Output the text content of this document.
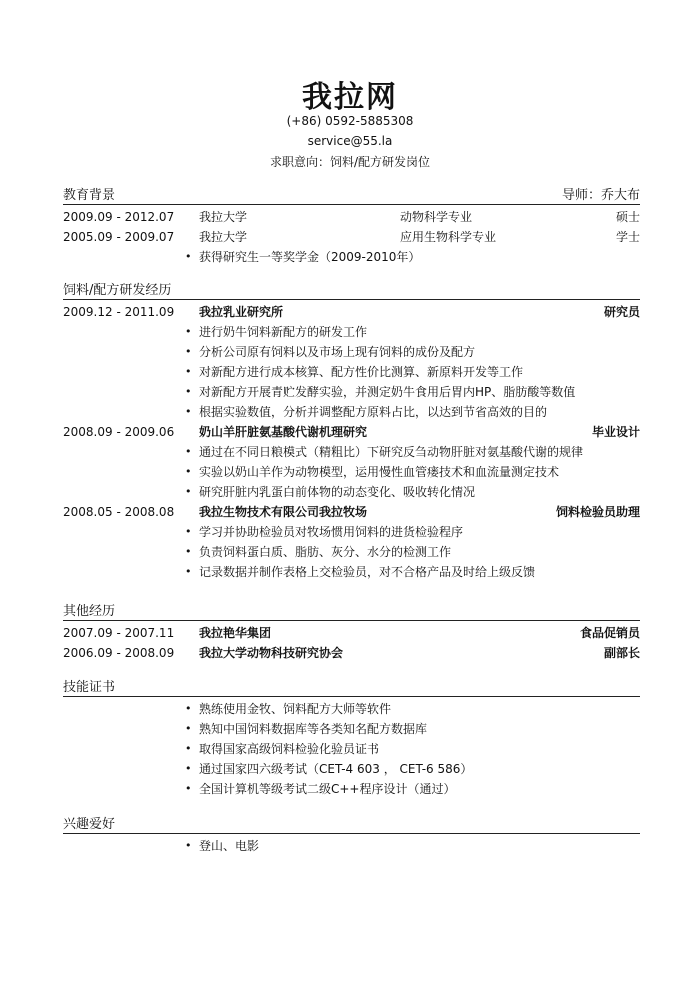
我拉网
(+86) 0592-5885308
service@55.la
求职意向：饲料/配方研发岗位
教育背景	导师：乔大布
2009.09 - 2012.07 我拉大学	动物科学专业	硕士
2005.09 - 2009.07 我拉大学	应用生物科学专业	学士
• 获得研究生一等奖学金（2009-2010年）
饲料/配方研发经历
2009.12 - 2011.09 我拉乳业研究所	研究员
• 进行奶牛饲料新配方的研发工作
• 分析公司原有饲料以及市场上现有饲料的成份及配方
• 对新配方进行成本核算、配方性价比测算、新原料开发等工作
• 对新配方开展青贮发酵实验，并测定奶牛食用后胃内HP、脂肪酸等数值
• 根据实验数值，分析并调整配方原料占比，以达到节省高效的目的
2008.09 - 2009.06 奶山羊肝脏氨基酸代谢机理研究	毕业设计
• 通过在不同日粮模式（精粗比）下研究反刍动物肝脏对氨基酸代谢的规律
• 实验以奶山羊作为动物模型，运用慢性血管瘘技术和血流量测定技术
• 研究肝脏内乳蛋白前体物的动态变化、吸收转化情况
2008.05 - 2008.08 我拉生物技术有限公司我拉牧场	饲料检验员助理
• 学习并协助检验员对牧场惯用饲料的进货检验程序
• 负责饲料蛋白质、脂肪、灰分、水分的检测工作
• 记录数据并制作表格上交检验员，对不合格产品及时给上级反馈
其他经历
2007.09 - 2007.11 我拉艳华集团	食品促销员
2006.09 - 2008.09 我拉大学动物科技研究协会	副部长
技能证书
• 熟练使用金牧、饲料配方大师等软件
• 熟知中国饲料数据库等各类知名配方数据库
• 取得国家高级饲料检验化验员证书
• 通过国家四六级考试（CET-4 603 ， CET-6 586）
• 全国计算机等级考试二级C++程序设计（通过）
兴趣爱好
• 登山、电影
